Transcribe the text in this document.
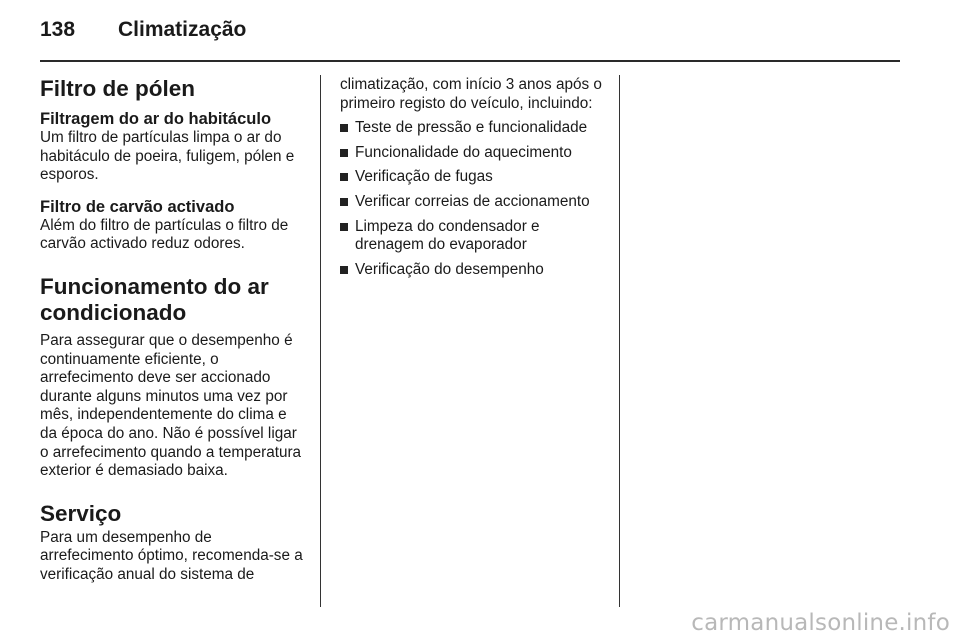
138	Climatização
Filtro de pólen
Filtragem do ar do habitáculo

Um filtro de partículas limpa o ar do habitáculo de poeira, fuligem, pólen e esporos.

Filtro de carvão activado

Além do filtro de partículas o filtro de carvão activado reduz odores.

Funcionamento do ar condicionado

Para assegurar que o desempenho é continuamente eficiente, o arrefecimento deve ser accionado durante alguns minutos uma vez por mês, independentemente do clima e da época do ano. Não é possível ligar o arrefecimento quando a temperatura exterior é demasiado baixa.

Serviço

Para um desempenho de arrefecimento óptimo, recomenda-se a verificação anual do sistema de

climatização, com início 3 anos após o primeiro registo do veículo, incluindo:

Teste de pressão e funcionalidade
Funcionalidade do aquecimento
Verificação de fugas
Verificar correias de accionamento
Limpeza do condensador e drenagem do evaporador
Verificação do desempenho
carmanualsonline.info
